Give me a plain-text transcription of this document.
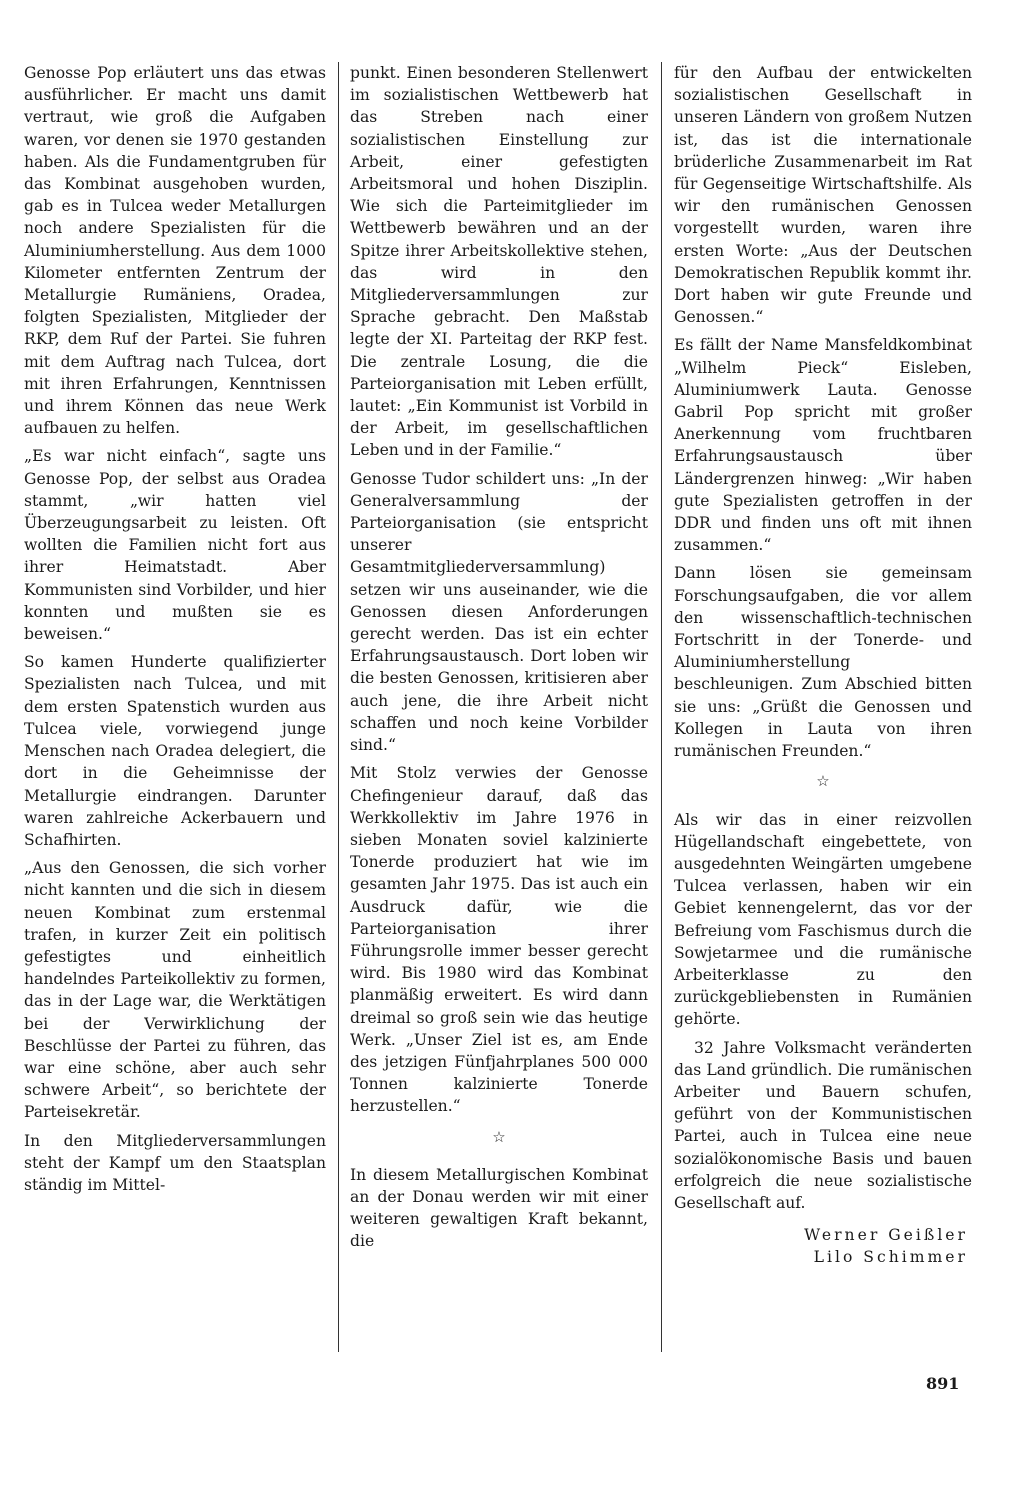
Genosse Pop erläutert uns das etwas ausführlicher. Er macht uns damit vertraut, wie groß die Aufgaben waren, vor denen sie 1970 gestanden haben. Als die Fundamentgruben für das Kombinat ausgehoben wurden, gab es in Tulcea weder Metallurgen noch andere Spezialisten für die Aluminiumherstellung. Aus dem 1000 Kilometer entfernten Zentrum der Metallurgie Rumäniens, Oradea, folgten Spezialisten, Mitglieder der RKP, dem Ruf der Partei. Sie fuhren mit dem Auftrag nach Tulcea, dort mit ihren Erfahrungen, Kenntnissen und ihrem Können das neue Werk aufbauen zu helfen.

„Es war nicht einfach“, sagte uns Genosse Pop, der selbst aus Oradea stammt, „wir hatten viel Überzeugungsarbeit zu leisten. Oft wollten die Familien nicht fort aus ihrer Heimatstadt. Aber Kommunisten sind Vorbilder, und hier konnten und mußten sie es beweisen.“

So kamen Hunderte qualifizierter Spezialisten nach Tulcea, und mit dem ersten Spatenstich wurden aus Tulcea viele, vorwiegend junge Menschen nach Oradea delegiert, die dort in die Geheimnisse der Metallurgie eindrangen. Darunter waren zahlreiche Ackerbauern und Schafhirten.

„Aus den Genossen, die sich vorher nicht kannten und die sich in diesem neuen Kombinat zum erstenmal trafen, in kurzer Zeit ein politisch gefestigtes und einheitlich handelndes Parteikollektiv zu formen, das in der Lage war, die Werktätigen bei der Verwirklichung der Beschlüsse der Partei zu führen, das war eine schöne, aber auch sehr schwere Arbeit“, so berichtete der Parteisekretär.

In den Mitgliederversammlungen steht der Kampf um den Staatsplan ständig im Mittel-

punkt. Einen besonderen Stellenwert im sozialistischen Wettbewerb hat das Streben nach einer sozialistischen Einstellung zur Arbeit, einer gefestigten Arbeitsmoral und hohen Disziplin. Wie sich die Parteimitglieder im Wettbewerb bewähren und an der Spitze ihrer Arbeitskollektive stehen, das wird in den Mitgliederversammlungen zur Sprache gebracht. Den Maßstab legte der XI. Parteitag der RKP fest. Die zentrale Losung, die die Parteiorganisation mit Leben erfüllt, lautet: „Ein Kommunist ist Vorbild in der Arbeit, im gesellschaftlichen Leben und in der Familie.“

Genosse Tudor schildert uns: „In der Generalversammlung der Parteiorganisation (sie entspricht unserer Gesamtmitgliederversammlung) setzen wir uns auseinander, wie die Genossen diesen Anforderungen gerecht werden. Das ist ein echter Erfahrungsaustausch. Dort loben wir die besten Genossen, kritisieren aber auch jene, die ihre Arbeit nicht schaffen und noch keine Vorbilder sind.“

Mit Stolz verwies der Genosse Chefingenieur darauf, daß das Werkkollektiv im Jahre 1976 in sieben Monaten soviel kalzinierte Tonerde produziert hat wie im gesamten Jahr 1975. Das ist auch ein Ausdruck dafür, wie die Parteiorganisation ihrer Führungsrolle immer besser gerecht wird. Bis 1980 wird das Kombinat planmäßig erweitert. Es wird dann dreimal so groß sein wie das heutige Werk. „Unser Ziel ist es, am Ende des jetzigen Fünfjahrplanes 500 000 Tonnen kalzinierte Tonerde herzustellen.“

☆

In diesem Metallurgischen Kombinat an der Donau werden wir mit einer weiteren gewaltigen Kraft bekannt, die

für den Aufbau der entwickelten sozialistischen Gesellschaft in unseren Ländern von großem Nutzen ist, das ist die internationale brüderliche Zusammenarbeit im Rat für Gegenseitige Wirtschaftshilfe. Als wir den rumänischen Genossen vorgestellt wurden, waren ihre ersten Worte: „Aus der Deutschen Demokratischen Republik kommt ihr. Dort haben wir gute Freunde und Genossen.“

Es fällt der Name Mansfeldkombinat „Wilhelm Pieck“ Eisleben, Aluminiumwerk Lauta. Genosse Gabril Pop spricht mit großer Anerkennung vom fruchtbaren Erfahrungsaustausch über Ländergrenzen hinweg: „Wir haben gute Spezialisten getroffen in der DDR und finden uns oft mit ihnen zusammen.“

Dann lösen sie gemeinsam Forschungsaufgaben, die vor allem den wissenschaftlich-technischen Fortschritt in der Tonerde- und Aluminiumherstellung beschleunigen. Zum Abschied bitten sie uns: „Grüßt die Genossen und Kollegen in Lauta von ihren rumänischen Freunden.“

☆

Als wir das in einer reizvollen Hügellandschaft eingebettete, von ausgedehnten Weingärten umgebene Tulcea verlassen, haben wir ein Gebiet kennengelernt, das vor der Befreiung vom Faschismus durch die Sowjetarmee und die rumänische Arbeiterklasse zu den zurückgebliebensten in Rumänien gehörte.

32 Jahre Volksmacht veränderten das Land gründlich. Die rumänischen Arbeiter und Bauern schufen, geführt von der Kommunistischen Partei, auch in Tulcea eine neue sozialökonomische Basis und bauen erfolgreich die neue sozialistische Gesellschaft auf.

Werner Geißler

Lilo Schimmer

891
